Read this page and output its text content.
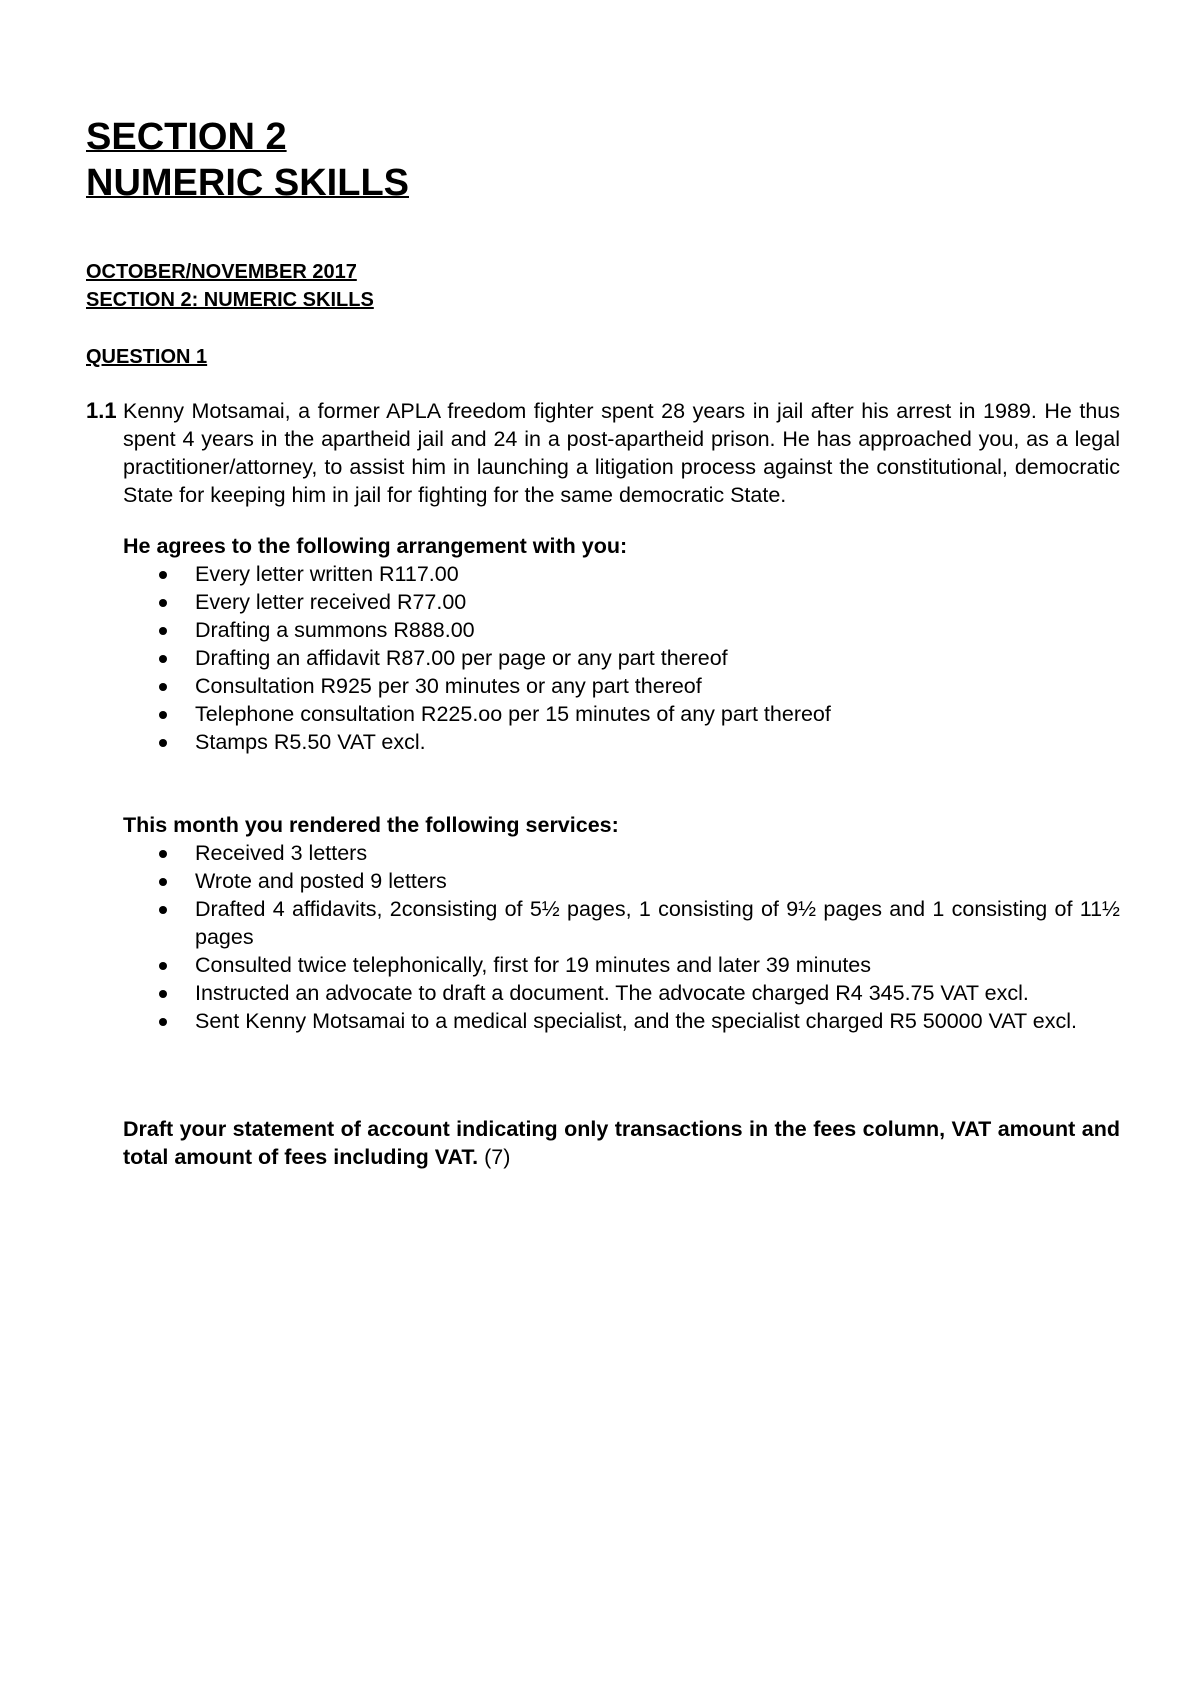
SECTION 2

NUMERIC SKILLS

OCTOBER/NOVEMBER 2017

SECTION 2: NUMERIC SKILLS

QUESTION 1

1.1 Kenny Motsamai, a former APLA freedom fighter spent 28 years in jail after his arrest in 1989. He thus spent 4 years in the apartheid jail and 24 in a post-apartheid prison. He has approached you, as a legal practitioner/attorney, to assist him in launching a litigation process against the constitutional, democratic State for keeping him in jail for fighting for the same democratic State.

He agrees to the following arrangement with you:

Every letter written R117.00
Every letter received R77.00
Drafting a summons R888.00
Drafting an affidavit R87.00 per page or any part thereof
Consultation R925 per 30 minutes or any part thereof
Telephone consultation R225.oo per 15 minutes of any part thereof
Stamps R5.50 VAT excl.

This month you rendered the following services:

Received 3 letters
Wrote and posted 9 letters
Drafted 4 affidavits, 2consisting of 5½ pages, 1 consisting of 9½ pages and 1 consisting of 11½ pages
Consulted twice telephonically, first for 19 minutes and later 39 minutes
Instructed an advocate to draft a document. The advocate charged R4 345.75 VAT excl.
Sent Kenny Motsamai to a medical specialist, and the specialist charged R5 50000 VAT excl.

Draft your statement of account indicating only transactions in the fees column, VAT amount and total amount of fees including VAT. (7)
